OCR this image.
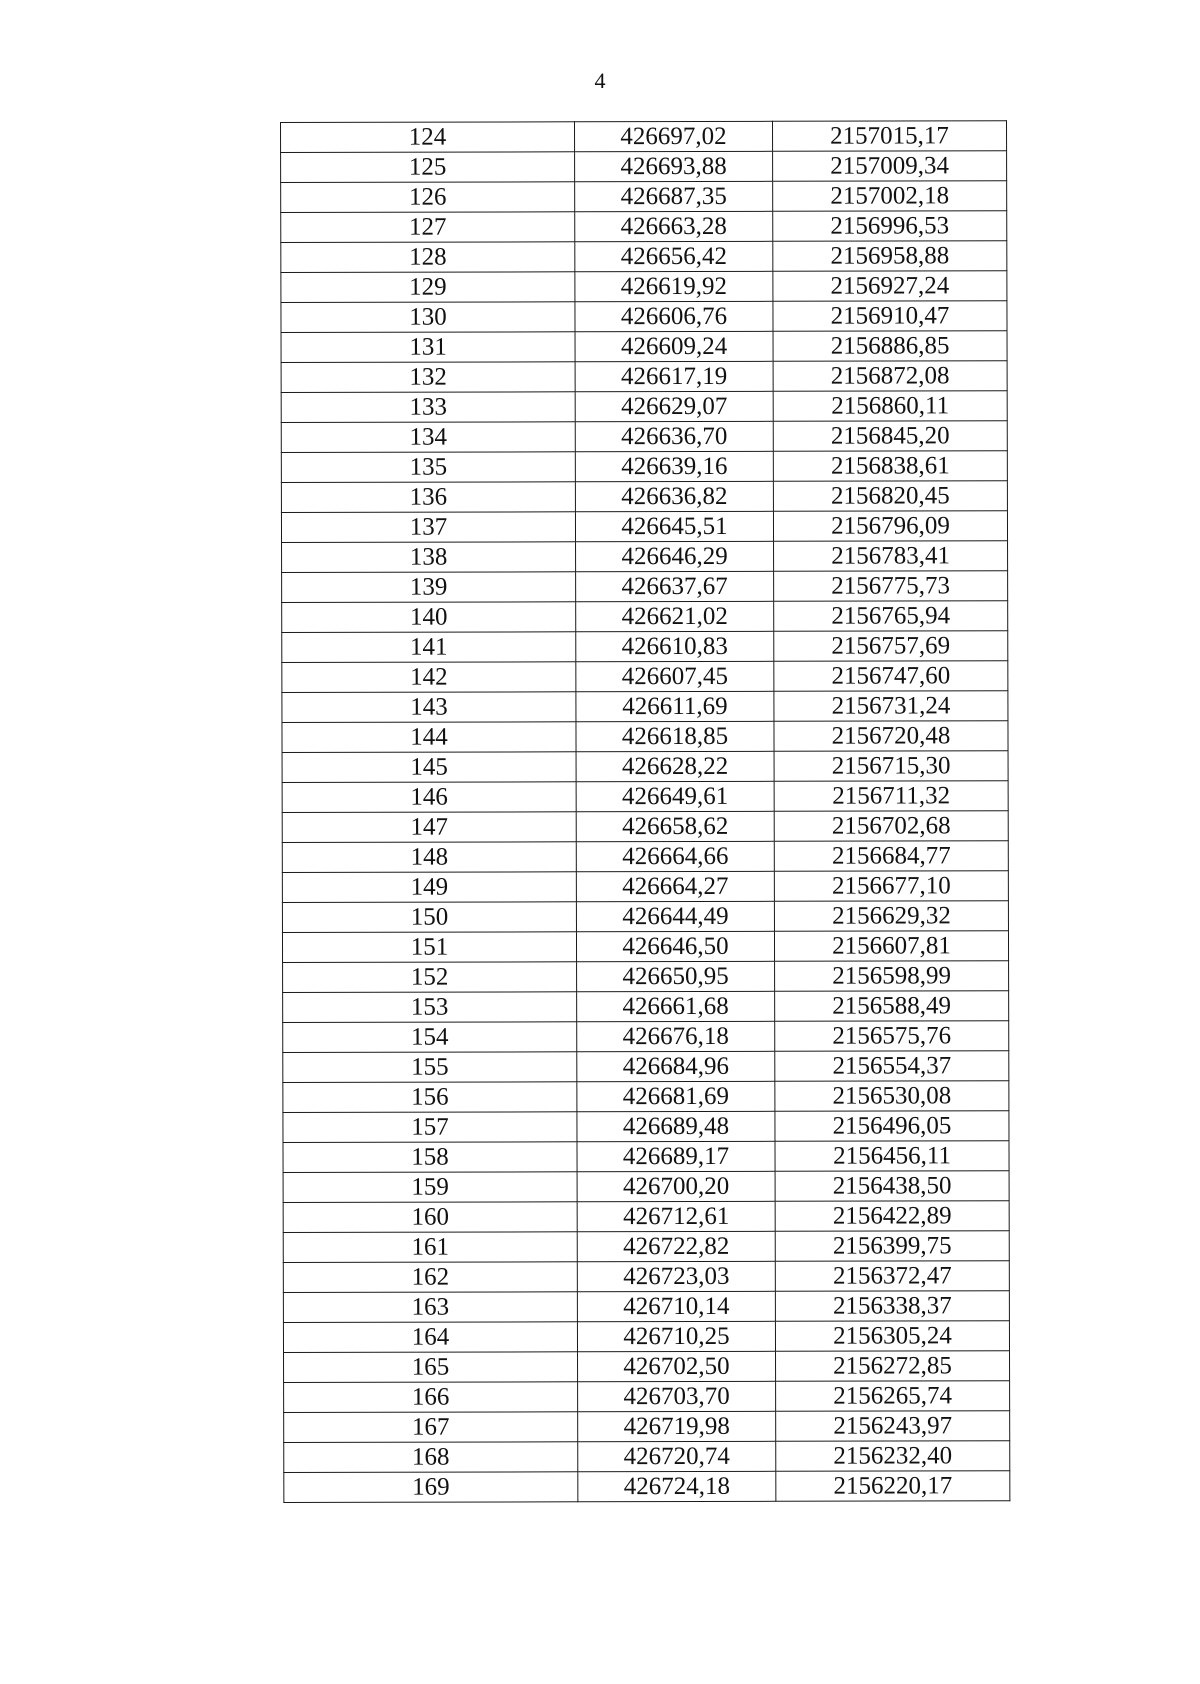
4
124	426697,02	2157015,17
125	426693,88	2157009,34
126	426687,35	2157002,18
127	426663,28	2156996,53
128	426656,42	2156958,88
129	426619,92	2156927,24
130	426606,76	2156910,47
131	426609,24	2156886,85
132	426617,19	2156872,08
133	426629,07	2156860,11
134	426636,70	2156845,20
135	426639,16	2156838,61
136	426636,82	2156820,45
137	426645,51	2156796,09
138	426646,29	2156783,41
139	426637,67	2156775,73
140	426621,02	2156765,94
141	426610,83	2156757,69
142	426607,45	2156747,60
143	426611,69	2156731,24
144	426618,85	2156720,48
145	426628,22	2156715,30
146	426649,61	2156711,32
147	426658,62	2156702,68
148	426664,66	2156684,77
149	426664,27	2156677,10
150	426644,49	2156629,32
151	426646,50	2156607,81
152	426650,95	2156598,99
153	426661,68	2156588,49
154	426676,18	2156575,76
155	426684,96	2156554,37
156	426681,69	2156530,08
157	426689,48	2156496,05
158	426689,17	2156456,11
159	426700,20	2156438,50
160	426712,61	2156422,89
161	426722,82	2156399,75
162	426723,03	2156372,47
163	426710,14	2156338,37
164	426710,25	2156305,24
165	426702,50	2156272,85
166	426703,70	2156265,74
167	426719,98	2156243,97
168	426720,74	2156232,40
169	426724,18	2156220,17
